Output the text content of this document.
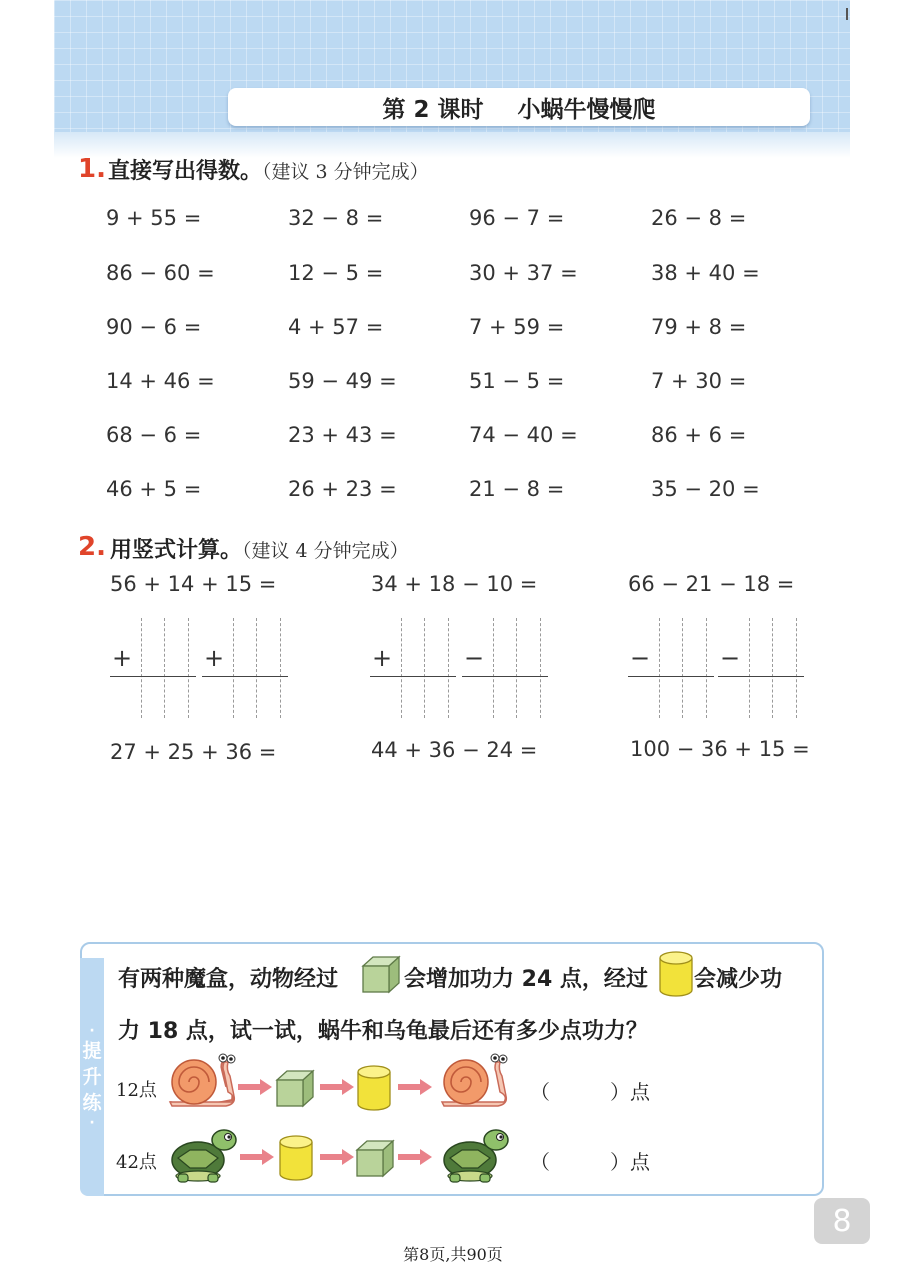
第 2 课时 小蜗牛慢慢爬
1. 直接写出得数。（建议 3 分钟完成）
9 + 55 =	32 − 8 =	96 − 7 =	26 − 8 =
86 − 60 =	12 − 5 =	30 + 37 =	38 + 40 =
90 − 6 =	4 + 57 =	7 + 59 =	79 + 8 =
14 + 46 =	59 − 49 =	51 − 5 =	7 + 30 =
68 − 6 =	23 + 43 =	74 − 40 =	86 + 6 =
46 + 5 =	26 + 23 =	21 − 8 =	35 − 20 =
2. 用竖式计算。（建议 4 分钟完成）
56 + 14 + 15 =	34 + 18 − 10 =	66 − 21 − 18 =
27 + 25 + 36 =	44 + 36 − 24 =	100 − 36 + 15 =
+	+	+	−	−	−
·
提
升
练
·
有两种魔盒，动物经过	会增加功力 24 点，经过 会减少功
力 18 点，试一试，蜗牛和乌龟最后还有多少点功力？
12点	（　　　）点
42点	（　　　）点
8
第8页,共90页
